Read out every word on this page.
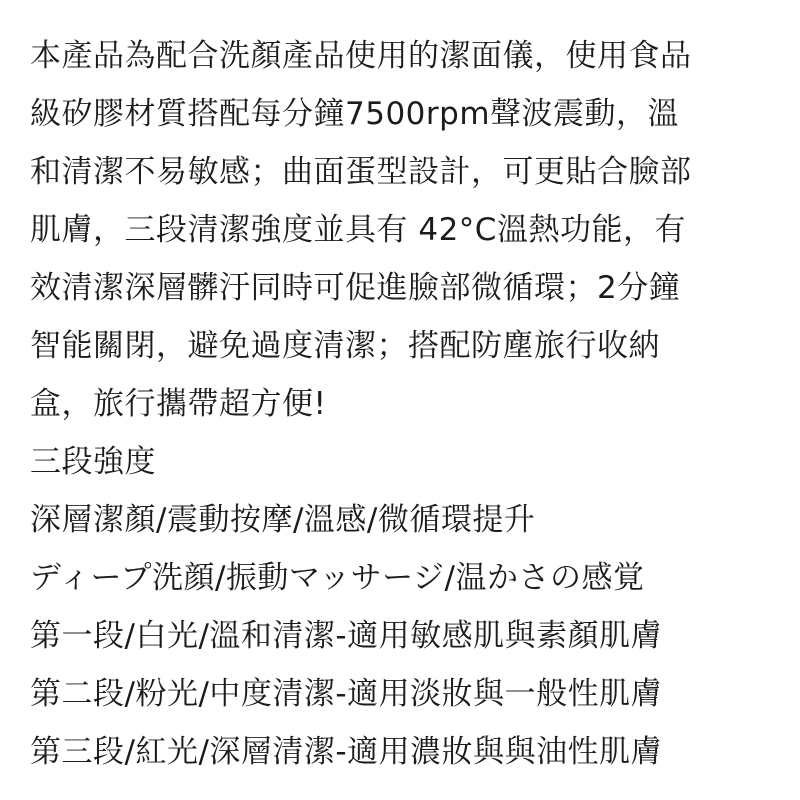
本產品為配合洗顏產品使用的潔面儀，使用食品
級矽膠材質搭配每分鐘7500rpm聲波震動，溫
和清潔不易敏感；曲面蛋型設計，可更貼合臉部
肌膚，三段清潔強度並具有 42°C溫熱功能，有
效清潔深層髒汙同時可促進臉部微循環；2分鐘
智能關閉，避免過度清潔；搭配防塵旅行收納
盒，旅行攜帶超方便!
三段強度
深層潔顏/震動按摩/溫感/微循環提升
ディープ洗顔/振動マッサージ/温かさの感覚
第一段/白光/溫和清潔-適用敏感肌與素顏肌膚
第二段/粉光/中度清潔-適用淡妝與一般性肌膚
第三段/紅光/深層清潔-適用濃妝與與油性肌膚
